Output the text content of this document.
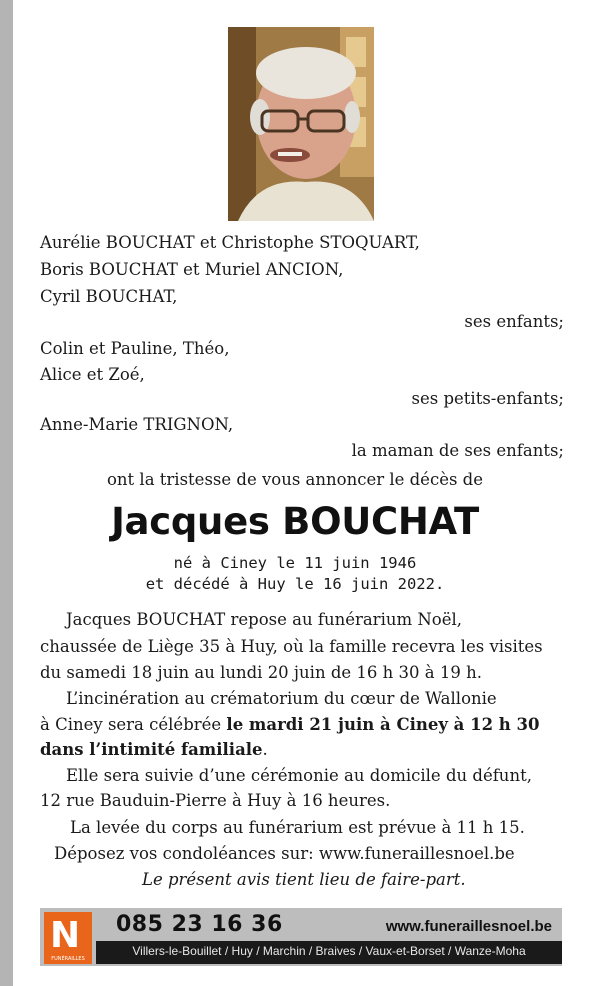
Aurélie BOUCHAT et Christophe STOQUART,
Boris BOUCHAT et Muriel ANCION,
Cyril BOUCHAT,
ses enfants;
Colin et Pauline, Théo,
Alice et Zoé,
ses petits-enfants;
Anne-Marie TRIGNON,
la maman de ses enfants;
ont la tristesse de vous annoncer le décès de
Jacques BOUCHAT
né à Ciney le 11 juin 1946
et décédé à Huy le 16 juin 2022.
Jacques BOUCHAT repose au funérarium Noël,
chaussée de Liège 35 à Huy, où la famille recevra les visites
du samedi 18 juin au lundi 20 juin de 16 h 30 à 19 h.
L’incinération au crématorium du cœur de Wallonie
à Ciney sera célébrée le mardi 21 juin à Ciney à 12 h 30
dans l’intimité familiale.
Elle sera suivie d’une cérémonie au domicile du défunt,
12 rue Bauduin-Pierre à Huy à 16 heures.
La levée du corps au funérarium est prévue à 11 h 15.
Déposez vos condoléances sur: www.funeraillesnoel.be
Le présent avis tient lieu de faire-part.
N
FUNÉRAILLES
085 23 16 36	www.funeraillesnoel.be
Villers-le-Bouillet / Huy / Marchin / Braives / Vaux-et-Borset / Wanze-Moha
